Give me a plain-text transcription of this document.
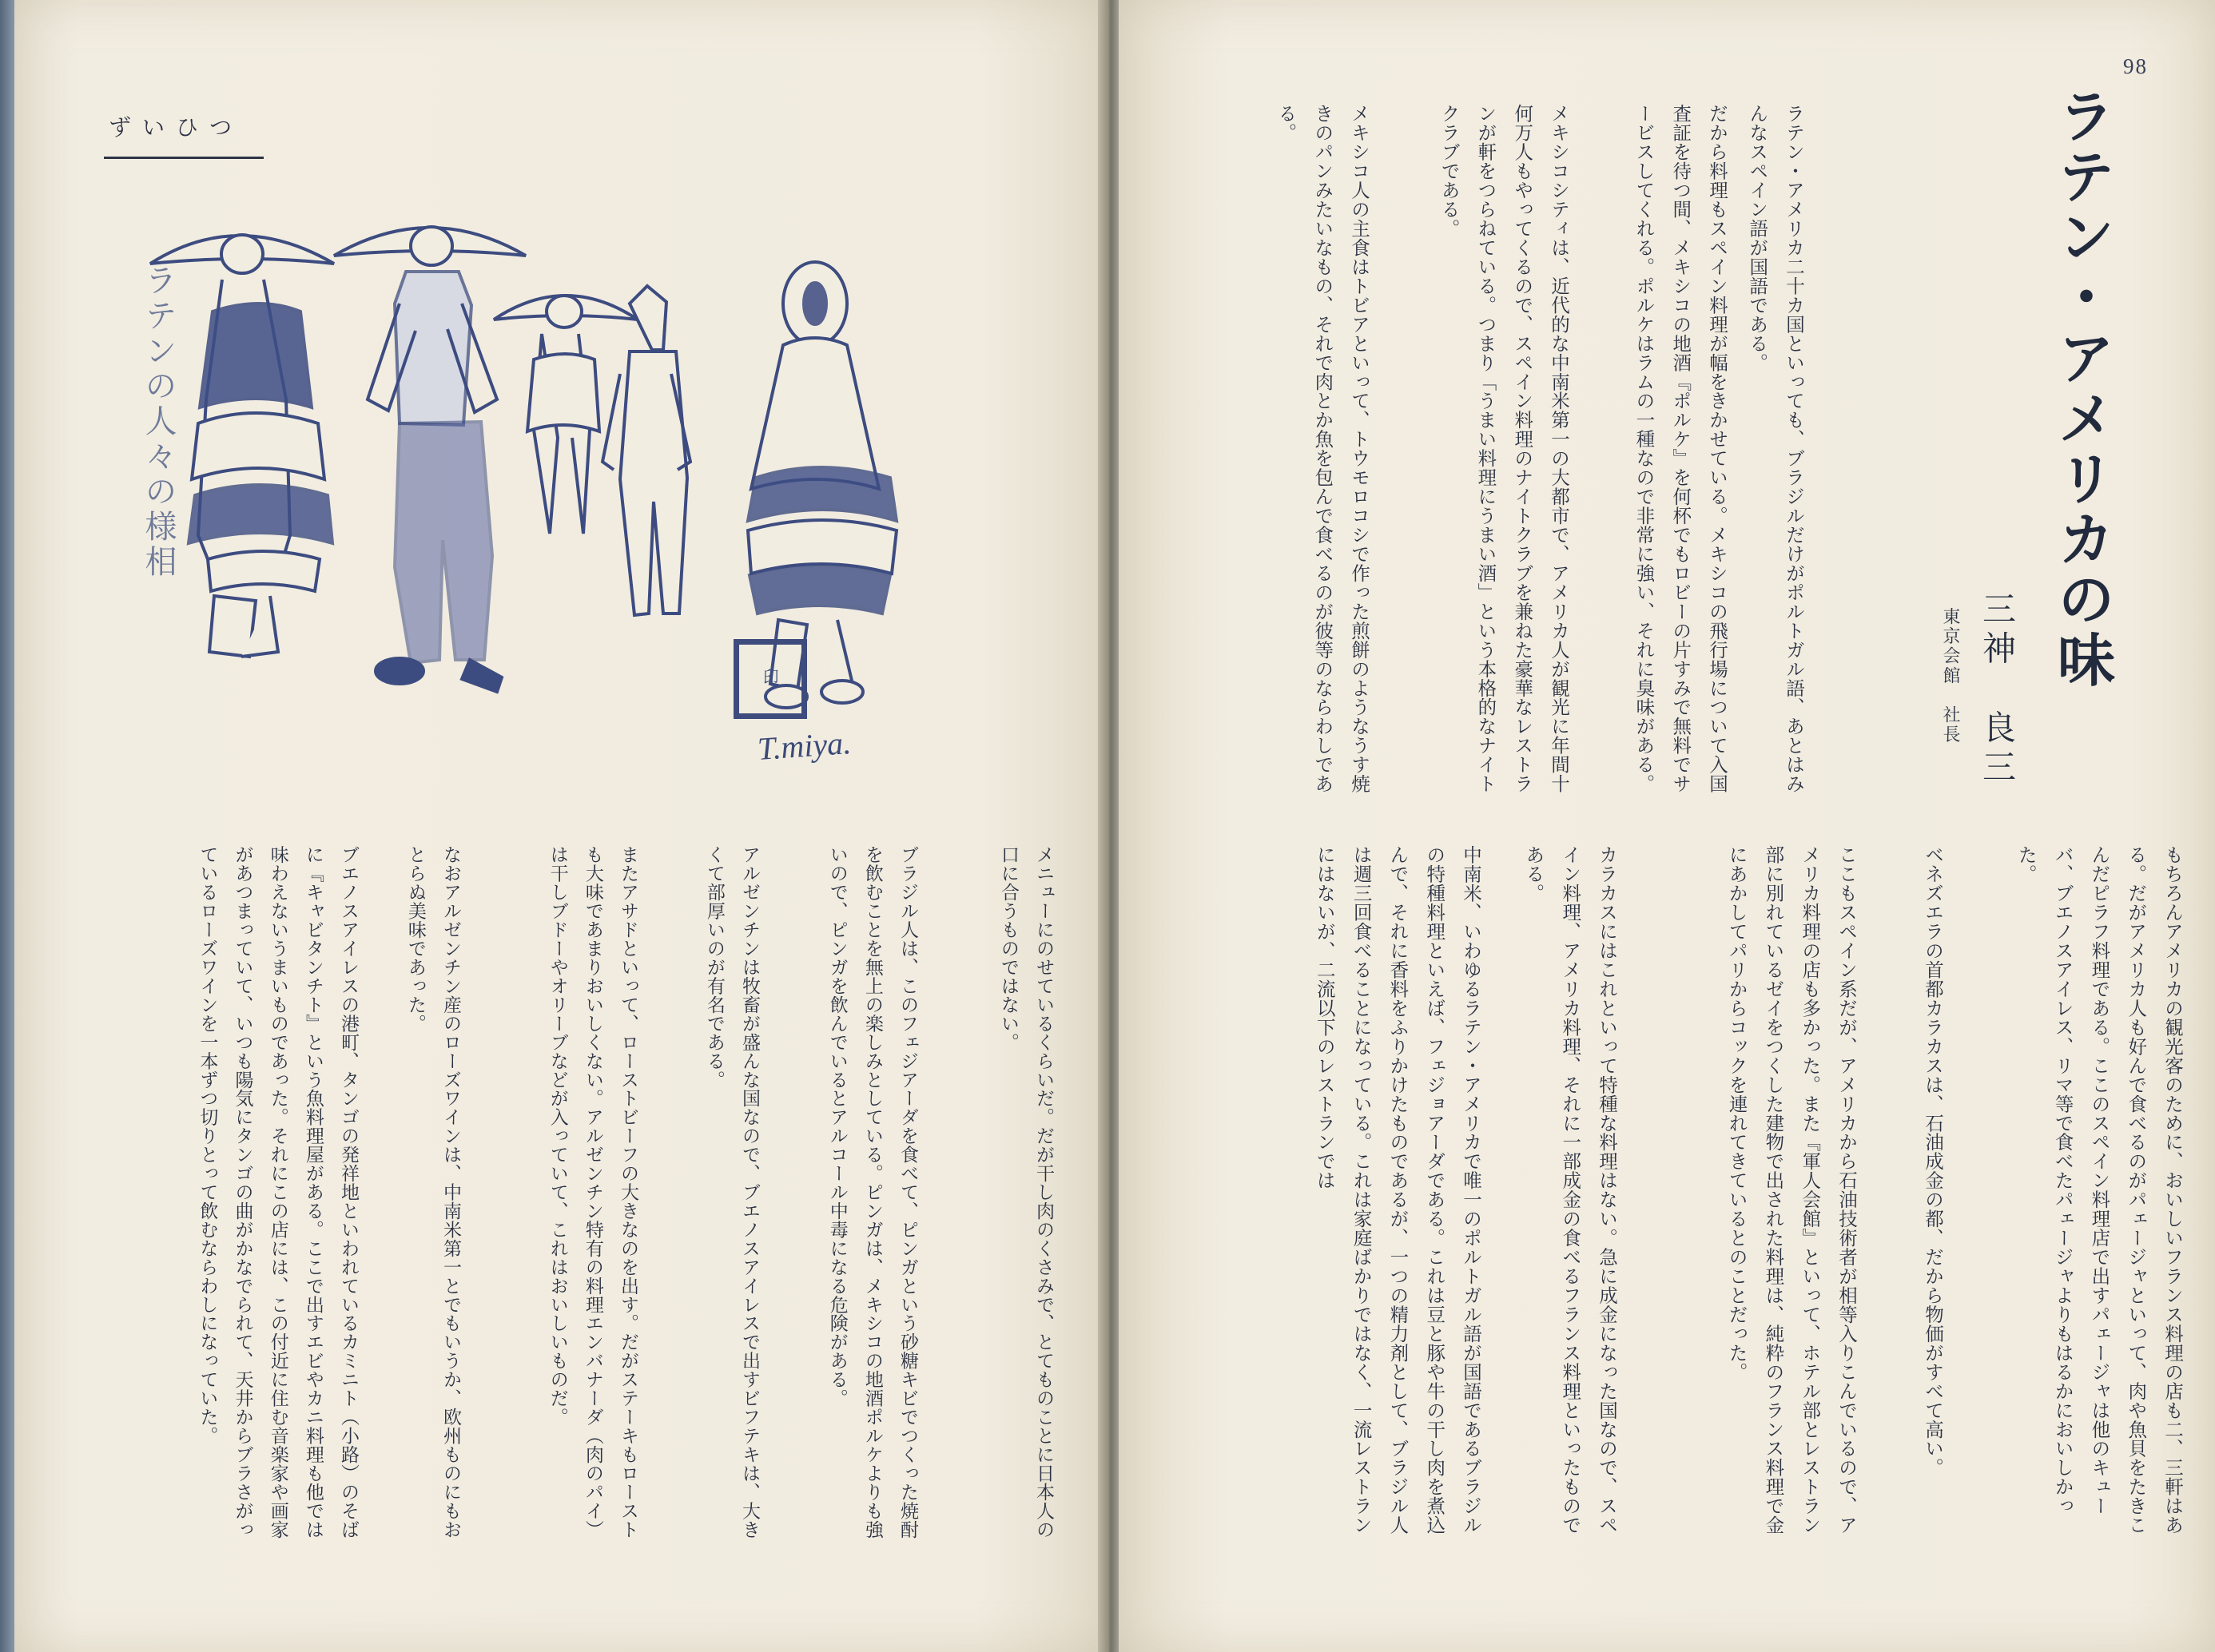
ずいひつ
ラテンの人々の様相
印
T.miya.
メニューにのせているくらいだ。だが干し肉のくさみで、とてものことに日本人の口に合うものではない。
ブラジル人は、このフェジアーダを食べて、ピンガという砂糖キビでつくった焼酎を飲むことを無上の楽しみとしている。ピンガは、メキシコの地酒ポルケよりも強いので、ピンガを飲んでいるとアルコール中毒になる危険がある。
アルゼンチンは牧畜が盛んな国なので、ブエノスアイレスで出すビフテキは、大きくて部厚いのが有名である。
またアサドといって、ローストビーフの大きなのを出す。だがステーキもローストも大味であまりおいしくない。アルゼンチン特有の料理エンバナーダ（肉のパイ）は干しブドーやオリーブなどが入っていて、これはおいしいものだ。
なおアルゼンチン産のローズワインは、中南米第一とでもいうか、欧州ものにもおとらぬ美味であった。
ブエノスアイレスの港町、タンゴの発祥地といわれているカミニト（小路）のそばに『キャビタンチト』という魚料理屋がある。ここで出すエビやカニ料理も他では味わえないうまいものであった。それにこの店には、この付近に住む音楽家や画家があつまっていて、いつも陽気にタンゴの曲がかなでられて、天井からブラさがっているローズワインを一本ずつ切りとって飲むならわしになっていた。
98
ラテン・アメリカの味
三神　良三
東京会館　社長
ラテン・アメリカ二十カ国といっても、ブラジルだけがポルトガル語、あとはみんなスペイン語が国語である。
だから料理もスペイン料理が幅をきかせている。メキシコの飛行場について入国査証を待つ間、メキシコの地酒『ポルケ』を何杯でもロビーの片すみで無料でサービスしてくれる。ポルケはラムの一種なので非常に強い、それに臭味がある。
メキシコシティは、近代的な中南米第一の大都市で、アメリカ人が観光に年間十何万人もやってくるので、スペイン料理のナイトクラブを兼ねた豪華なレストランが軒をつらねている。つまり「うまい料理にうまい酒」という本格的なナイトクラブである。
メキシコ人の主食はトビアといって、トウモロコシで作った煎餅のようなうす焼きのパンみたいなもの、それで肉とか魚を包んで食べるのが彼等のならわしである。
もちろんアメリカの観光客のために、おいしいフランス料理の店も二、三軒はある。だがアメリカ人も好んで食べるのがパェージャといって、肉や魚貝をたきこんだピラフ料理である。ここのスペイン料理店で出すパェージャは他のキューバ、ブエノスアイレス、リマ等で食べたパェージャよりもはるかにおいしかった。
ベネズエラの首都カラカスは、石油成金の都、だから物価がすべて高い。
ここもスペイン系だが、アメリカから石油技術者が相等入りこんでいるので、アメリカ料理の店も多かった。また『軍人会館』といって、ホテル部とレストラン部に別れているゼイをつくした建物で出された料理は、純粋のフランス料理で金にあかしてパリからコックを連れてきているとのことだった。
カラカスにはこれといって特種な料理はない。急に成金になった国なので、スペイン料理、アメリカ料理、それに一部成金の食べるフランス料理といったものである。
中南米、いわゆるラテン・アメリカで唯一のポルトガル語が国語であるブラジルの特種料理といえば、フェジョアーダである。これは豆と豚や牛の干し肉を煮込んで、それに香料をふりかけたものであるが、一つの精力剤として、ブラジル人は週三回食べることになっている。これは家庭ばかりではなく、一流レストランにはないが、二流以下のレストランでは
